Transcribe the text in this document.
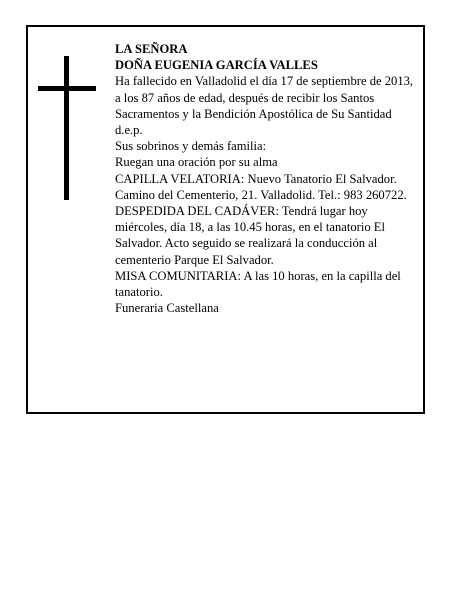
LA SEÑORA

DOÑA EUGENIA GARCÍA VALLES

Ha fallecido en Valladolid el día 17 de septiembre de 2013, a los 87 años de edad, después de recibir los Santos Sacramentos y la Bendición Apostólica de Su Santidad

d.e.p.

Sus sobrinos y demás familia:

Ruegan una oración por su alma

CAPILLA VELATORIA: Nuevo Tanatorio El Salvador. Camino del Cementerio, 21. Valladolid. Tel.: 983 260722.

DESPEDIDA DEL CADÁVER: Tendrá lugar hoy miércoles, día 18, a las 10.45 horas, en el tanatorio El Salvador. Acto seguido se realizará la conducción al cementerio Parque El Salvador.

MISA COMUNITARIA: A las 10 horas, en la capilla del tanatorio.

Funeraria Castellana
